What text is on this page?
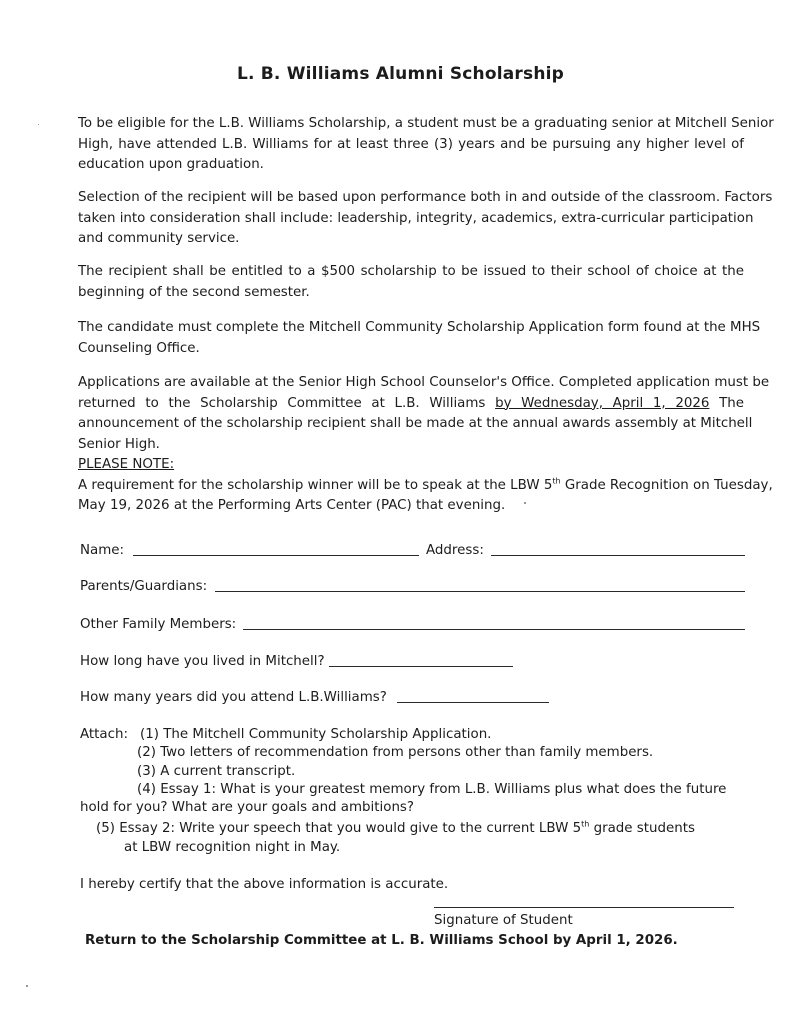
L. B. Williams Alumni Scholarship
To be eligible for the L.B. Williams Scholarship, a student must be a graduating senior at Mitchell Senior
High, have attended L.B. Williams for at least three (3) years and be pursuing any higher level of
education upon graduation.
Selection of the recipient will be based upon performance both in and outside of the classroom. Factors
taken into consideration shall include: leadership, integrity, academics, extra-curricular participation
and community service.
The recipient shall be entitled to a $500 scholarship to be issued to their school of choice at the
beginning of the second semester.
The candidate must complete the Mitchell Community Scholarship Application form found at the MHS
Counseling Office.
Applications are available at the Senior High School Counselor's Office. Completed application must be
returned to the Scholarship Committee at L.B. Williams by Wednesday, April 1, 2026 The
announcement of the scholarship recipient shall be made at the annual awards assembly at Mitchell
Senior High.
PLEASE NOTE:
A requirement for the scholarship winner will be to speak at the LBW 5th Grade Recognition on Tuesday,
May 19, 2026 at the Performing Arts Center (PAC) that evening.
Name:	Address:
Parents/Guardians:
Other Family Members:
How long have you lived in Mitchell?
How many years did you attend L.B.Williams?
Attach: (1) The Mitchell Community Scholarship Application.
(2) Two letters of recommendation from persons other than family members.
(3) A current transcript.
(4) Essay 1: What is your greatest memory from L.B. Williams plus what does the future
hold for you? What are your goals and ambitions?
(5) Essay 2: Write your speech that you would give to the current LBW 5th grade students
at LBW recognition night in May.
I hereby certify that the above information is accurate.
Signature of Student
Return to the Scholarship Committee at L. B. Williams School by April 1, 2026.
